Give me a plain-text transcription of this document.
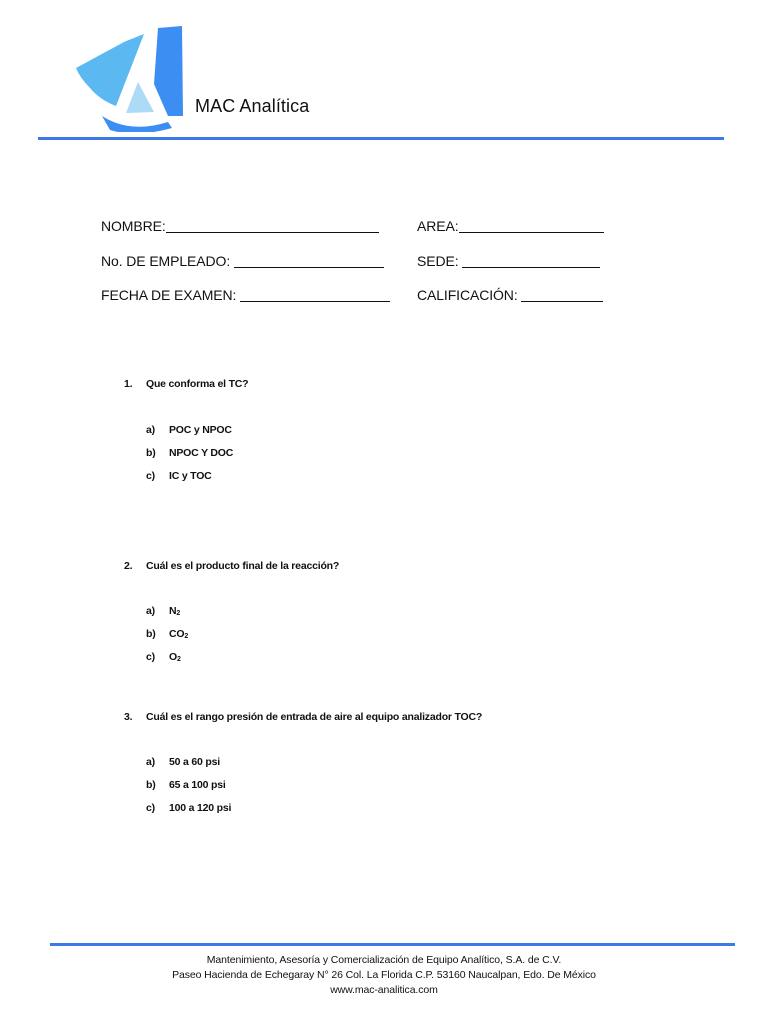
MAC Analítica
NOMBRE:	AREA:
No. DE EMPLEADO:	SEDE:
FECHA DE EXAMEN:	CALIFICACIÓN:
1. Que conforma el TC?
a) POC y NPOC
b) NPOC Y DOC
c) IC y TOC
2. Cuál es el producto final de la reacción?
a) $N_2$
b) $CO_2$
c) $O_2$
3. Cuál es el rango presión de entrada de aire al equipo analizador TOC?
a) 50 a 60 psi
b) 65 a 100 psi
c) 100 a 120 psi
Mantenimiento, Asesoría y Comercialización de Equipo Analítico, S.A. de C.V.
Paseo Hacienda de Echegaray N° 26 Col. La Florida C.P. 53160 Naucalpan, Edo. De México
www.mac-analitica.com
